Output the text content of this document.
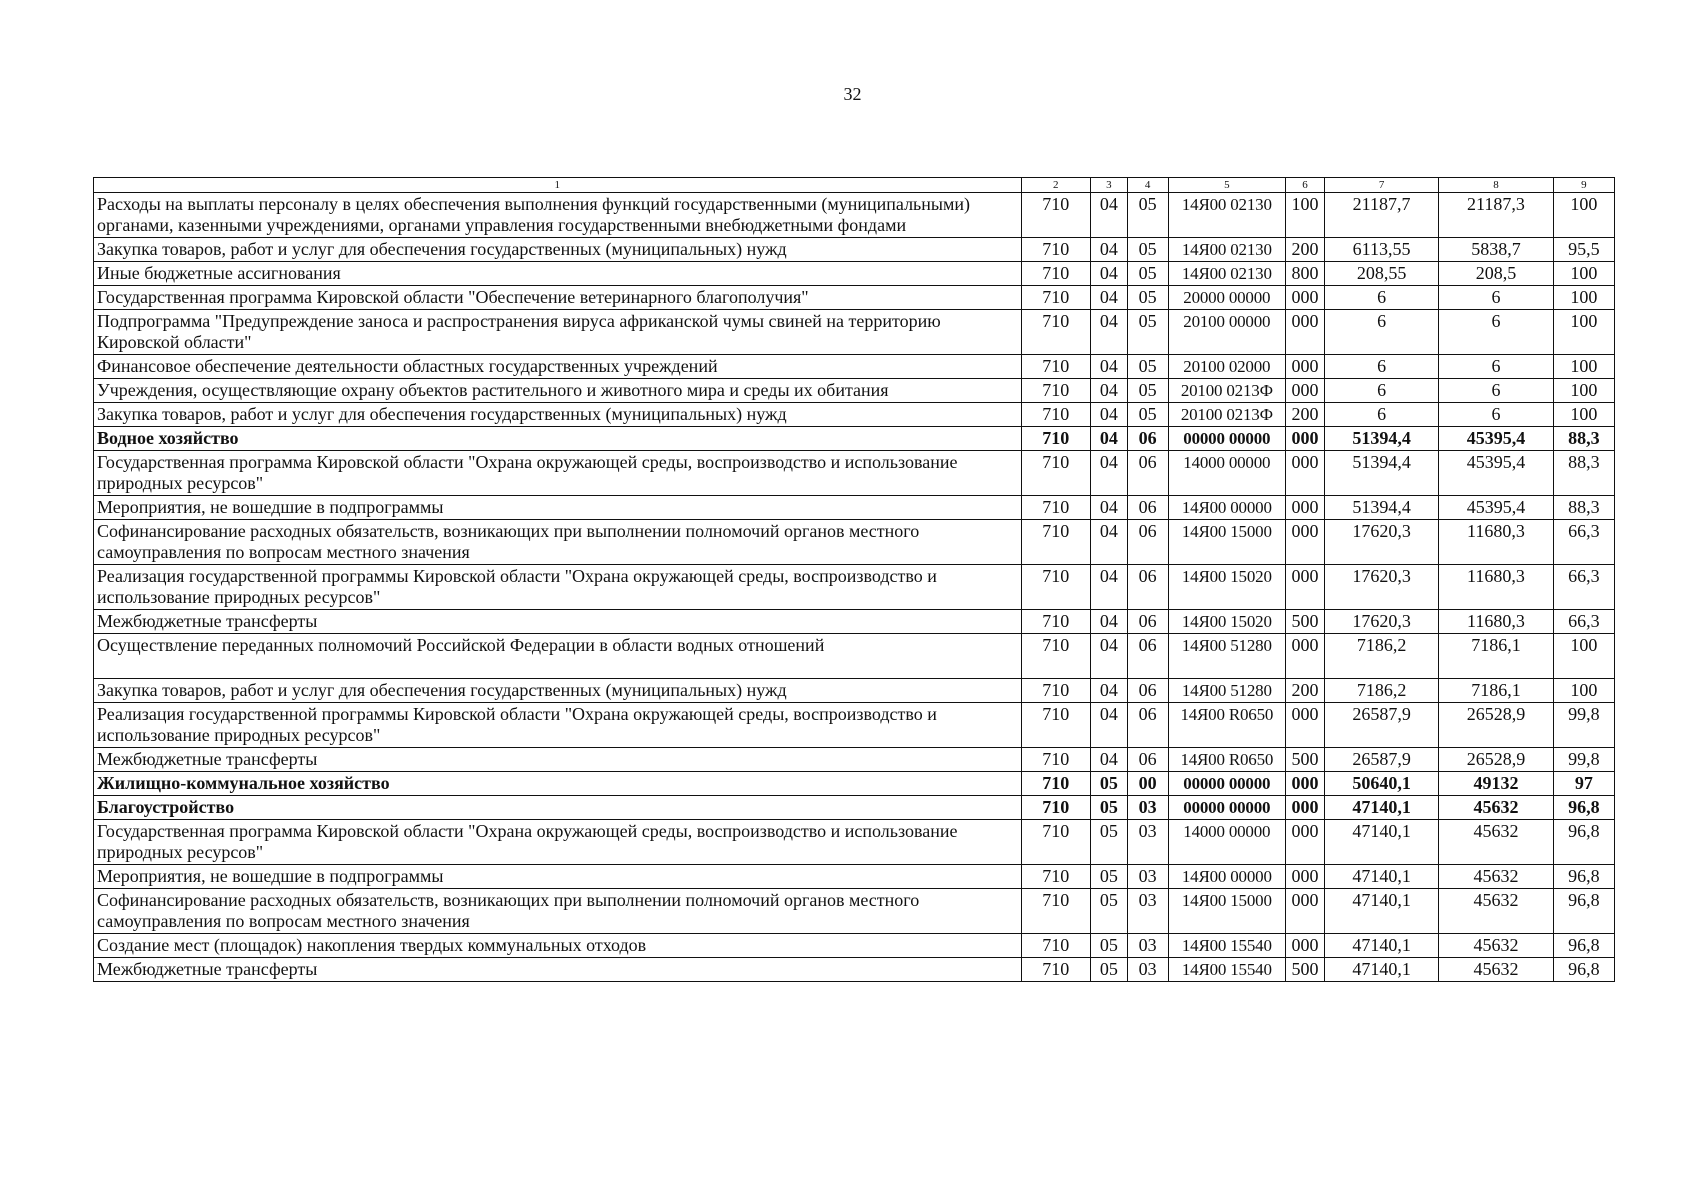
32
1	2	3	4	5	6	7	8	9
Расходы на выплаты персоналу в целях обеспечения выполнения функций государственными (муниципальными) органами, казенными учреждениями, органами управления государственными внебюджетными фондами	710	04	05	14Я00 02130	100	21187,7	21187,3	100
Закупка товаров, работ и услуг для обеспечения государственных (муниципальных) нужд	710	04	05	14Я00 02130	200	6113,55	5838,7	95,5
Иные бюджетные ассигнования	710	04	05	14Я00 02130	800	208,55	208,5	100
Государственная программа Кировской области "Обеспечение ветеринарного благополучия"	710	04	05	20000 00000	000	6	6	100
Подпрограмма "Предупреждение заноса и распространения вируса африканской чумы свиней на территорию Кировской области"	710	04	05	20100 00000	000	6	6	100
Финансовое обеспечение деятельности областных государственных учреждений	710	04	05	20100 02000	000	6	6	100
Учреждения, осуществляющие охрану объектов растительного и животного мира и среды их обитания	710	04	05	20100 0213Ф	000	6	6	100
Закупка товаров, работ и услуг для обеспечения государственных (муниципальных) нужд	710	04	05	20100 0213Ф	200	6	6	100
Водное хозяйство	710	04	06	00000 00000	000	51394,4	45395,4	88,3
Государственная программа Кировской области "Охрана окружающей среды, воспроизводство и использование природных ресурсов"	710	04	06	14000 00000	000	51394,4	45395,4	88,3
Мероприятия, не вошедшие в подпрограммы	710	04	06	14Я00 00000	000	51394,4	45395,4	88,3
Софинансирование расходных обязательств, возникающих при выполнении полномочий органов местного самоуправления по вопросам местного значения	710	04	06	14Я00 15000	000	17620,3	11680,3	66,3
Реализация государственной программы Кировской области "Охрана окружающей среды, воспроизводство и использование природных ресурсов"	710	04	06	14Я00 15020	000	17620,3	11680,3	66,3
Межбюджетные трансферты	710	04	06	14Я00 15020	500	17620,3	11680,3	66,3
Осуществление переданных полномочий Российской Федерации в области водных отношений	710	04	06	14Я00 51280	000	7186,2	7186,1	100
Закупка товаров, работ и услуг для обеспечения государственных (муниципальных) нужд	710	04	06	14Я00 51280	200	7186,2	7186,1	100
Реализация государственной программы Кировской области "Охрана окружающей среды, воспроизводство и использование природных ресурсов"	710	04	06	14Я00 R0650	000	26587,9	26528,9	99,8
Межбюджетные трансферты	710	04	06	14Я00 R0650	500	26587,9	26528,9	99,8
Жилищно-коммунальное хозяйство	710	05	00	00000 00000	000	50640,1	49132	97
Благоустройство	710	05	03	00000 00000	000	47140,1	45632	96,8
Государственная программа Кировской области "Охрана окружающей среды, воспроизводство и использование природных ресурсов"	710	05	03	14000 00000	000	47140,1	45632	96,8
Мероприятия, не вошедшие в подпрограммы	710	05	03	14Я00 00000	000	47140,1	45632	96,8
Софинансирование расходных обязательств, возникающих при выполнении полномочий органов местного самоуправления по вопросам местного значения	710	05	03	14Я00 15000	000	47140,1	45632	96,8
Создание мест (площадок) накопления твердых коммунальных отходов	710	05	03	14Я00 15540	000	47140,1	45632	96,8
Межбюджетные трансферты	710	05	03	14Я00 15540	500	47140,1	45632	96,8
